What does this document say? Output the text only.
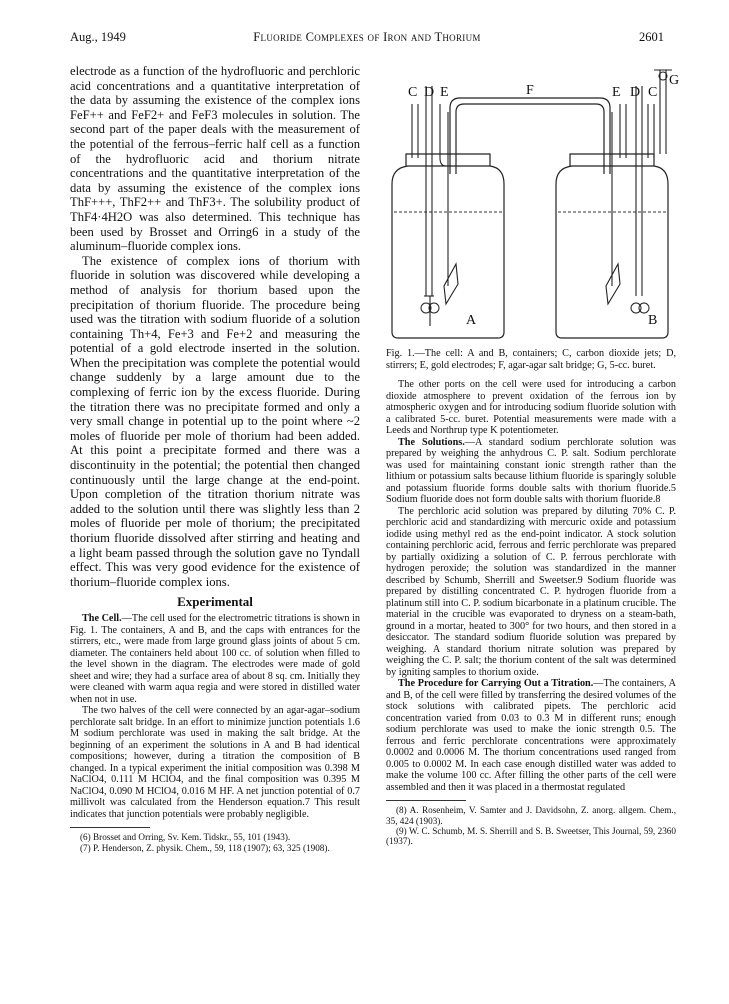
Aug., 1949	Fluoride Complexes of Iron and Thorium	2601

electrode as a function of the hydrofluoric and perchloric acid concentrations and a quantitative interpretation of the data by assuming the existence of the complex ions FeF++ and FeF2+ and FeF3 molecules in solution. The second part of the paper deals with the measurement of the potential of the ferrous–ferric half cell as a function of the hydrofluoric acid and thorium nitrate concentrations and the quantitative interpretation of the data by assuming the existence of the complex ions ThF+++, ThF2++ and ThF3+. The solubility product of ThF4·4H2O was also determined. This technique has been used by Brosset and Orring6 in a study of the aluminum–fluoride complex ions.

The existence of complex ions of thorium with fluoride in solution was discovered while developing a method of analysis for thorium based upon the precipitation of thorium fluoride. The procedure being used was the titration with sodium fluoride of a solution containing Th+4, Fe+3 and Fe+2 and measuring the potential of a gold electrode inserted in the solution. When the precipitation was complete the potential would change suddenly by a large amount due to the complexing of ferric ion by the excess fluoride. During the titration there was no precipitate formed and only a very small change in potential up to the point where ~2 moles of fluoride per mole of thorium had been added. At this point a precipitate formed and there was a discontinuity in the potential; the potential then changed continuously until the large change at the end-point. Upon completion of the titration thorium nitrate was added to the solution until there was slightly less than 2 moles of fluoride per mole of thorium; the precipitated thorium fluoride dissolved after stirring and heating and a light beam passed through the solution gave no Tyndall effect. This was very good evidence for the existence of thorium–fluoride complex ions.

Experimental

The Cell.—The cell used for the electrometric titrations is shown in Fig. 1. The containers, A and B, and the caps with entrances for the stirrers, etc., were made from large ground glass joints of about 5 cm. diameter. The containers held about 100 cc. of solution when filled to the level shown in the diagram. The electrodes were made of gold sheet and wire; they had a surface area of about 8 sq. cm. Initially they were cleaned with warm aqua regia and were stored in distilled water when not in use.

The two halves of the cell were connected by an agar-agar–sodium perchlorate salt bridge. In an effort to minimize junction potentials 1.6 M sodium perchlorate was used in making the salt bridge. At the beginning of an experiment the solutions in A and B had identical compositions; however, during a titration the composition of B changed. In a typical experiment the initial composition was 0.398 M NaClO4, 0.111 M HClO4, and the final composition was 0.395 M NaClO4, 0.090 M HClO4, 0.016 M HF. A net junction potential of 0.7 millivolt was calculated from the Henderson equation.7 This result indicates that junction potentials were probably negligible.

(6) Brosset and Orring, Sv. Kem. Tidskr., 55, 101 (1943).

(7) P. Henderson, Z. physik. Chem., 59, 118 (1907); 63, 325 (1908).

C D E	F	E D C
G
A	B

Fig. 1.—The cell: A and B, containers; C, carbon dioxide jets; D, stirrers; E, gold electrodes; F, agar-agar salt bridge; G, 5-cc. buret.

The other ports on the cell were used for introducing a carbon dioxide atmosphere to prevent oxidation of the ferrous ion by atmospheric oxygen and for introducing sodium fluoride solution with a calibrated 5-cc. buret. Potential measurements were made with a Leeds and Northrup type K potentiometer.

The Solutions.—A standard sodium perchlorate solution was prepared by weighing the anhydrous C. P. salt. Sodium perchlorate was used for maintaining constant ionic strength rather than the lithium or potassium salts because lithium fluoride is sparingly soluble and potassium fluoride forms double salts with thorium fluoride.5 Sodium fluoride does not form double salts with thorium fluoride.8

The perchloric acid solution was prepared by diluting 70% C. P. perchloric acid and standardizing with mercuric oxide and potassium iodide using methyl red as the end-point indicator. A stock solution containing perchloric acid, ferrous and ferric perchlorate was prepared by partially oxidizing a solution of C. P. ferrous perchlorate with hydrogen peroxide; the solution was standardized in the manner described by Schumb, Sherrill and Sweetser.9 Sodium fluoride was prepared by distilling concentrated C. P. hydrogen fluoride from a platinum still into C. P. sodium bicarbonate in a platinum crucible. The material in the crucible was evaporated to dryness on a steam-bath, ground in a mortar, heated to 300° for two hours, and then stored in a desiccator. The standard sodium fluoride solution was prepared by weighing. A standard thorium nitrate solution was prepared by weighing the C. P. salt; the thorium content of the salt was determined by igniting samples to thorium oxide.

The Procedure for Carrying Out a Titration.—The containers, A and B, of the cell were filled by transferring the desired volumes of the stock solutions with calibrated pipets. The perchloric acid concentration varied from 0.03 to 0.3 M in different runs; enough sodium perchlorate was used to make the ionic strength 0.5. The ferrous and ferric perchlorate concentrations were approximately 0.0002 and 0.0006 M. The thorium concentrations used ranged from 0.005 to 0.0002 M. In each case enough distilled water was added to make the volume 100 cc. After filling the other parts of the cell were assembled and then it was placed in a thermostat regulated

(8) A. Rosenheim, V. Samter and J. Davidsohn, Z. anorg. allgem. Chem., 35, 424 (1903).

(9) W. C. Schumb, M. S. Sherrill and S. B. Sweetser, This Journal, 59, 2360 (1937).
